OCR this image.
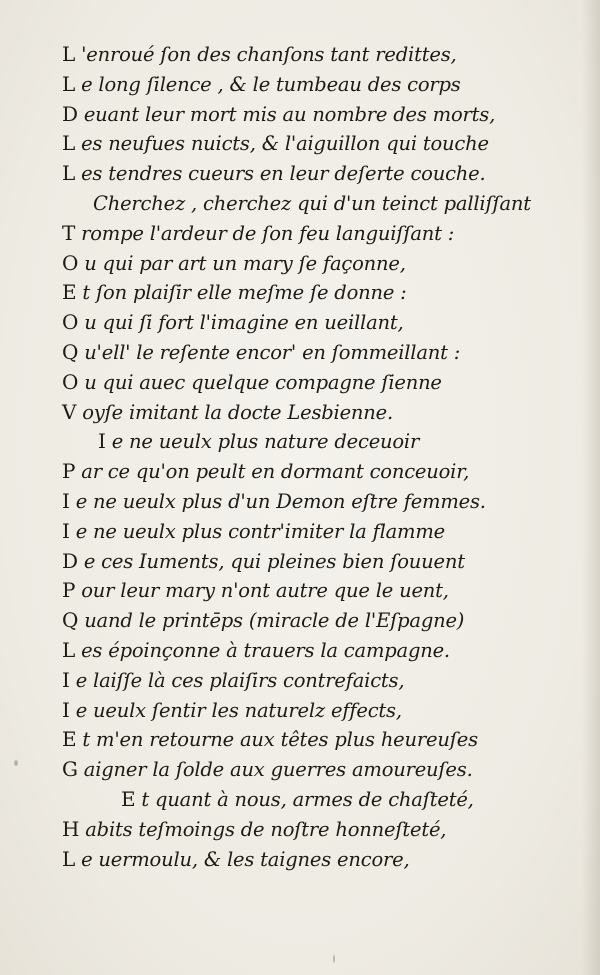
L 'enroué ſon des chanſons tant redittes,
L e long ſilence , & le tumbeau des corps
D euant leur mort mis au nombre des morts,
L es neufues nuicts, & l'aiguillon qui touche
L es tendres cueurs en leur deſerte couche.
Cherchez , cherchez qui d'un teinct palliſſant
T rompe l'ardeur de ſon feu languiſſant :
O u qui par art un mary ſe façonne,
E t ſon plaiſir elle meſme ſe donne :
O u qui ſi fort l'imagine en ueillant,
Q u'ell' le reſente encor' en ſommeillant :
O u qui auec quelque compagne ſienne
V oyſe imitant la docte Lesbienne.
I e ne ueulx plus nature deceuoir
P ar ce qu'on peult en dormant conceuoir,
I e ne ueulx plus d'un Demon eſtre femmes.
I e ne ueulx plus contr'imiter la flamme
D e ces Iuments, qui pleines bien ſouuent
P our leur mary n'ont autre que le uent,
Q uand le printēps (miracle de l'Eſpagne)
L es époinçonne à trauers la campagne.
I e laiſſe là ces plaiſirs contrefaicts,
I e ueulx ſentir les naturelz effects,
E t m'en retourne aux têtes plus heureuſes
G aigner la ſolde aux guerres amoureuſes.
E t quant à nous, armes de chaſteté,
H abits teſmoings de noſtre honneſteté,
L e uermoulu, & les taignes encore,
